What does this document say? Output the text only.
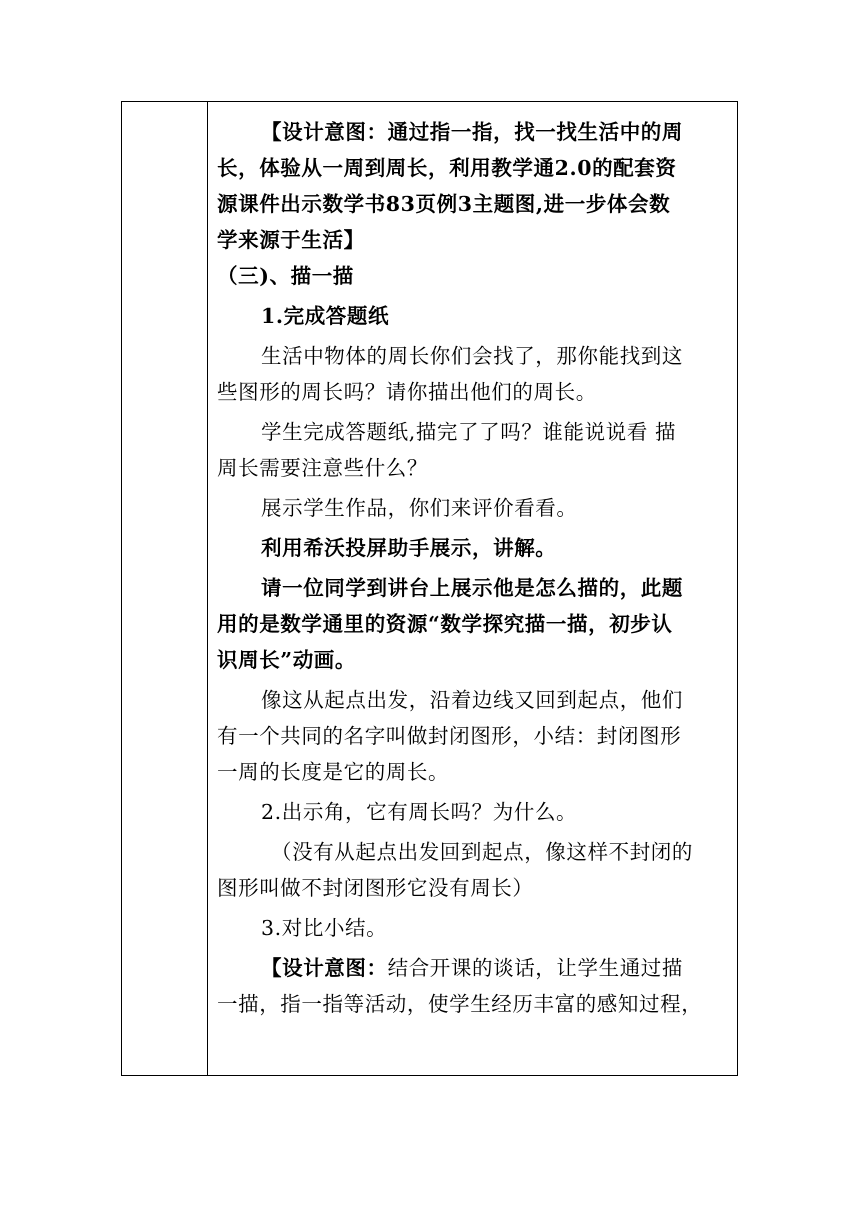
【设计意图：通过指一指，找一找生活中的周

长，体验从一周到周长，利用教学通2.0的配套资

源课件出示数学书83页例3主题图,进一步体会数

学来源于生活】

（三)、描一描

1.完成答题纸

生活中物体的周长你们会找了，那你能找到这

些图形的周长吗？请你描出他们的周长。

学生完成答题纸,描完了了吗？谁能说说看 描

周长需要注意些什么？

展示学生作品，你们来评价看看。

利用希沃投屏助手展示，讲解。

请一位同学到讲台上展示他是怎么描的，此题

用的是数学通里的资源“数学探究描一描，初步认

识周长”动画。

像这从起点出发，沿着边线又回到起点，他们

有一个共同的名字叫做封闭图形，小结：封闭图形

一周的长度是它的周长。

2.出示角，它有周长吗？为什么。

（没有从起点出发回到起点，像这样不封闭的

图形叫做不封闭图形它没有周长）

3.对比小结。

【设计意图：结合开课的谈话，让学生通过描

一描，指一指等活动，使学生经历丰富的感知过程，
